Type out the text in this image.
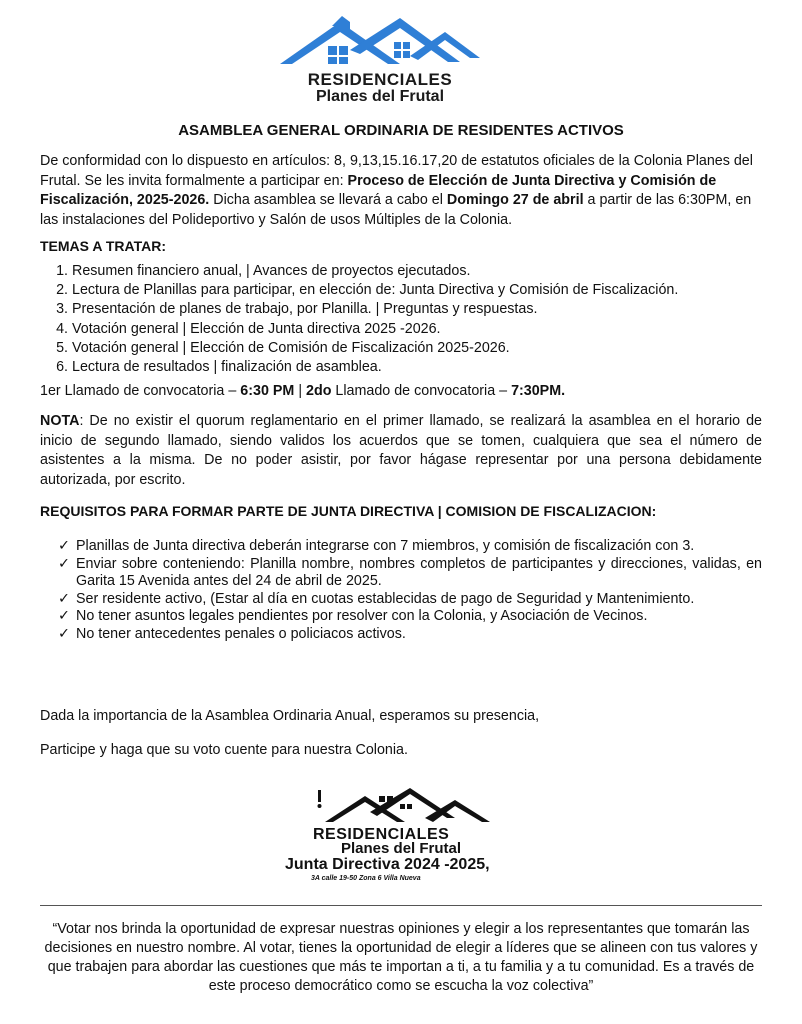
RESIDENCIALES
Planes del Frutal
ASAMBLEA GENERAL ORDINARIA DE RESIDENTES ACTIVOS

De conformidad con lo dispuesto en artículos: 8, 9,13,15.16.17,20 de estatutos oficiales de la Colonia Planes del Frutal. Se les invita formalmente a participar en: Proceso de Elección de Junta Directiva y Comisión de Fiscalización, 2025-2026. Dicha asamblea se llevará a cabo el Domingo 27 de abril a partir de las 6:30PM, en las instalaciones del Polideportivo y Salón de usos Múltiples de la Colonia.

TEMAS A TRATAR:

1. Resumen financiero anual, | Avances de proyectos ejecutados.
2. Lectura de Planillas para participar, en elección de: Junta Directiva y Comisión de Fiscalización.
3. Presentación de planes de trabajo, por Planilla. | Preguntas y respuestas.
4. Votación general | Elección de Junta directiva 2025 -2026.
5. Votación general | Elección de Comisión de Fiscalización 2025-2026.
6. Lectura de resultados | finalización de asamblea.

1er Llamado de convocatoria – 6:30 PM | 2do Llamado de convocatoria – 7:30PM.

NOTA: De no existir el quorum reglamentario en el primer llamado, se realizará la asamblea en el horario de inicio de segundo llamado, siendo validos los acuerdos que se tomen, cualquiera que sea el número de asistentes a la misma. De no poder asistir, por favor hágase representar por una persona debidamente autorizada, por escrito.

REQUISITOS PARA FORMAR PARTE DE JUNTA DIRECTIVA | COMISION DE FISCALIZACION:

✓ Planillas de Junta directiva deberán integrarse con 7 miembros, y comisión de fiscalización con 3.
✓ Enviar sobre conteniendo: Planilla nombre, nombres completos de participantes y direcciones, validas, en Garita 15 Avenida antes del 24 de abril de 2025.
✓ Ser residente activo, (Estar al día en cuotas establecidas de pago de Seguridad y Mantenimiento.
✓ No tener asuntos legales pendientes por resolver con la Colonia, y Asociación de Vecinos.
✓ No tener antecedentes penales o policiacos activos.

Dada la importancia de la Asamblea Ordinaria Anual, esperamos su presencia,

Participe y haga que su voto cuente para nuestra Colonia.

RESIDENCIALES
Planes del Frutal
Junta Directiva 2024 -2025,
3A calle 19-50 Zona 6 Villa Nueva

“Votar nos brinda la oportunidad de expresar nuestras opiniones y elegir a los representantes que tomarán las decisiones en nuestro nombre. Al votar, tienes la oportunidad de elegir a líderes que se alineen con tus valores y que trabajen para abordar las cuestiones que más te importan a ti, a tu familia y a tu comunidad. Es a través de este proceso democrático como se escucha la voz colectiva”
